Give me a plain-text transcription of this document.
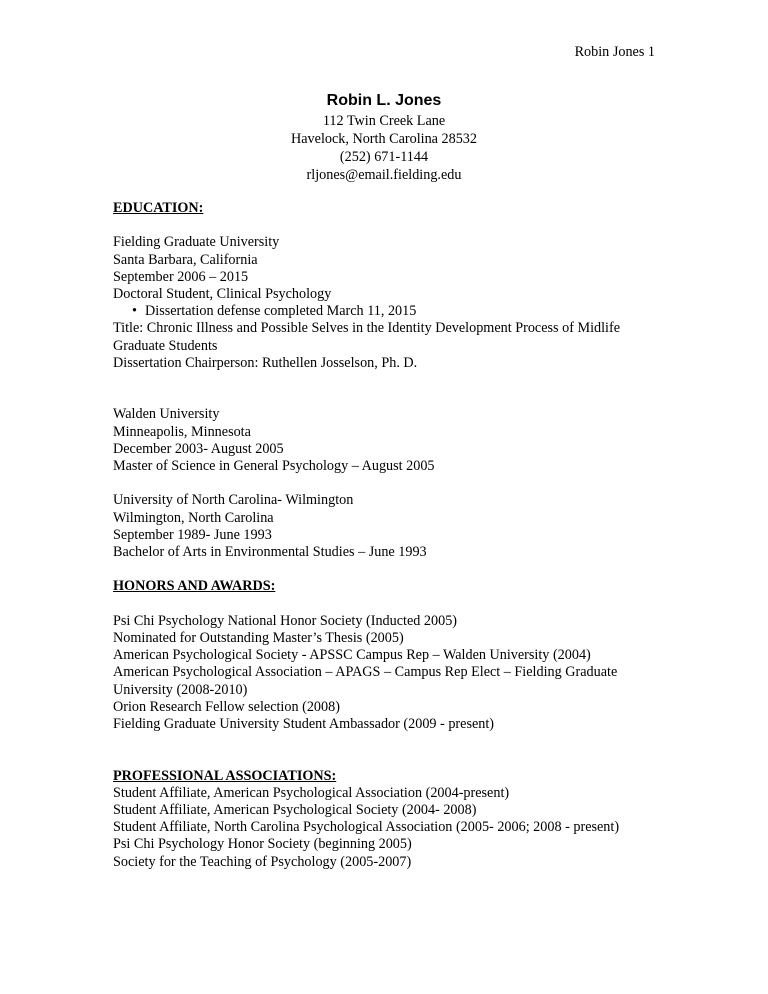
Robin Jones 1
Robin L. Jones
112 Twin Creek Lane
Havelock, North Carolina 28532
(252) 671-1144
rljones@email.fielding.edu
EDUCATION:
Fielding Graduate University
Santa Barbara, California
September 2006 – 2015
Doctoral Student, Clinical Psychology
• Dissertation defense completed March 11, 2015
Title: Chronic Illness and Possible Selves in the Identity Development Process of Midlife Graduate Students
Dissertation Chairperson: Ruthellen Josselson, Ph. D.
Walden University
Minneapolis, Minnesota
December 2003- August 2005
Master of Science in General Psychology – August 2005
University of North Carolina- Wilmington
Wilmington, North Carolina
September 1989- June 1993
Bachelor of Arts in Environmental Studies – June 1993
HONORS AND AWARDS:
Psi Chi Psychology National Honor Society (Inducted 2005)
Nominated for Outstanding Master’s Thesis (2005)
American Psychological Society - APSSC Campus Rep – Walden University (2004)
American Psychological Association – APAGS – Campus Rep Elect – Fielding Graduate University (2008-2010)
Orion Research Fellow selection (2008)
Fielding Graduate University Student Ambassador (2009 - present)
PROFESSIONAL ASSOCIATIONS:
Student Affiliate, American Psychological Association (2004-present)
Student Affiliate, American Psychological Society (2004- 2008)
Student Affiliate, North Carolina Psychological Association (2005- 2006; 2008 - present)
Psi Chi Psychology Honor Society (beginning 2005)
Society for the Teaching of Psychology (2005-2007)
